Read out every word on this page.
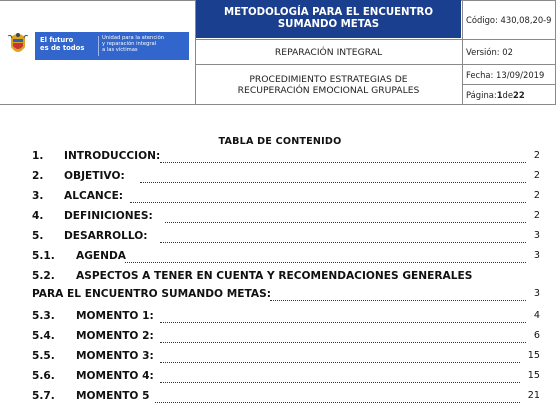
El futuro
es de todos
Unidad para la atención
y reparación integral
a las víctimas
METODOLOGÍA PARA EL ENCUENTRO SUMANDO METAS
REPARACIÓN INTEGRAL
PROCEDIMIENTO ESTRATEGIAS DE RECUPERACIÓN EMOCIONAL GRUPALES
Código: 430,08,20-9
Versión: 02
Fecha: 13/09/2019
Página: 1 de 22
TABLA DE CONTENIDO
1. INTRODUCCION:	2
2. OBJETIVO:	2
3. ALCANCE:	2
4. DEFINICIONES:	2
5. DESARROLLO:	3
5.1. AGENDA	3
5.2. ASPECTOS A TENER EN CUENTA Y RECOMENDACIONES GENERALES
PARA EL ENCUENTRO SUMANDO METAS:	3
5.3. MOMENTO 1:	4
5.4. MOMENTO 2:	6
5.5. MOMENTO 3:	15
5.6. MOMENTO 4:	15
5.7. MOMENTO 5	21
